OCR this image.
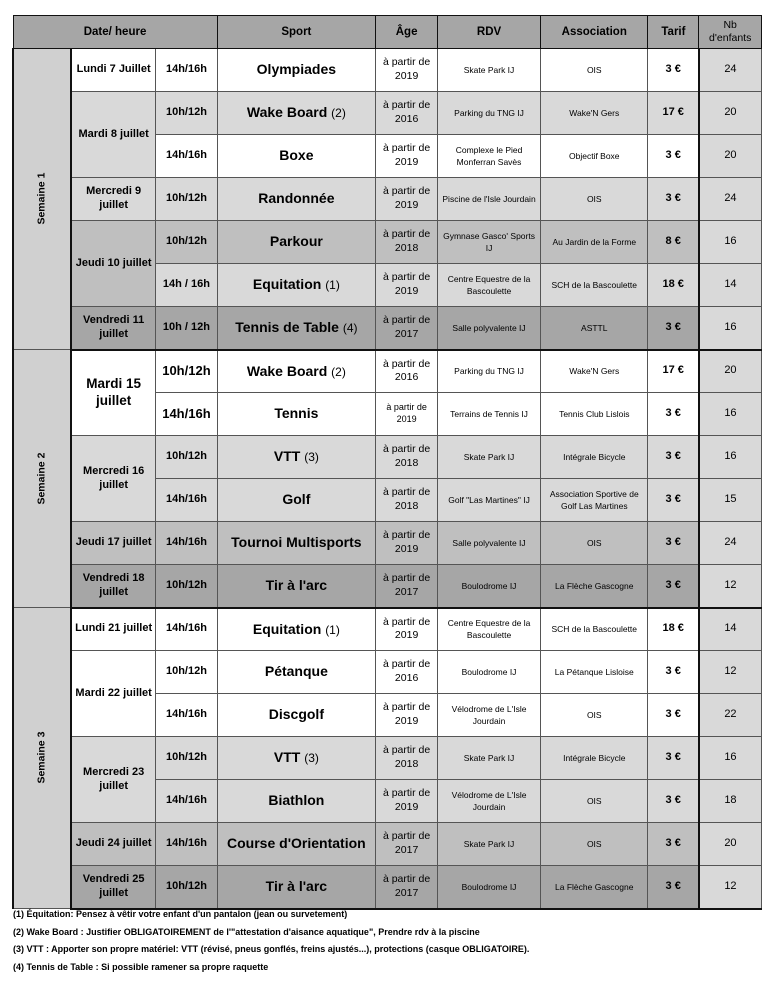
Date/ heure			Sport	Âge	RDV	Association	Tarif	Nb d'enfants
Semaine 1	Lundi 7 Juillet	14h/16h	Olympiades	à partir de 2019	Skate Park IJ	OIS	3 €	24
	Mardi 8 juillet	10h/12h	Wake Board (2)	à partir de 2016	Parking du TNG IJ	Wake'N Gers	17 €	20
		14h/16h	Boxe	à partir de 2019	Complexe le Pied Monferran Savès	Objectif Boxe	3 €	20
	Mercredi 9 juillet	10h/12h	Randonnée	à partir de 2019	Piscine de l'Isle Jourdain	OIS	3 €	24
	Jeudi 10 juillet	10h/12h	Parkour	à partir de 2018	Gymnase Gasco' Sports IJ	Au Jardin de la Forme	8 €	16
		14h / 16h	Equitation (1)	à partir de 2019	Centre Equestre de la Bascoulette	SCH de la Bascoulette	18 €	14
	Vendredi 11 juillet	10h / 12h	Tennis de Table (4)	à partir de 2017	Salle polyvalente IJ	ASTTL	3 €	16
Semaine 2	Mardi 15 juillet	10h/12h	Wake Board (2)	à partir de 2016	Parking du TNG IJ	Wake'N Gers	17 €	20
		14h/16h	Tennis	à partir de 2019	Terrains de Tennis IJ	Tennis Club Lislois	3 €	16
	Mercredi 16 juillet	10h/12h	VTT (3)	à partir de 2018	Skate Park IJ	Intégrale Bicycle	3 €	16
		14h/16h	Golf	à partir de 2018	Golf "Las Martines" IJ	Association Sportive de Golf Las Martines	3 €	15
	Jeudi 17 juillet	14h/16h	Tournoi Multisports	à partir de 2019	Salle polyvalente IJ	OIS	3 €	24
	Vendredi 18 juillet	10h/12h	Tir à l'arc	à partir de 2017	Boulodrome IJ	La Flèche Gascogne	3 €	12
Semaine 3	Lundi 21 juillet	14h/16h	Equitation (1)	à partir de 2019	Centre Equestre de la Bascoulette	SCH de la Bascoulette	18 €	14
	Mardi 22 juillet	10h/12h	Pétanque	à partir de 2016	Boulodrome IJ	La Pétanque Lisloise	3 €	12
		14h/16h	Discgolf	à partir de 2019	Vélodrome de L'Isle Jourdain	OIS	3 €	22
	Mercredi 23 juillet	10h/12h	VTT (3)	à partir de 2018	Skate Park IJ	Intégrale Bicycle	3 €	16
		14h/16h	Biathlon	à partir de 2019	Vélodrome de L'Isle Jourdain	OIS	3 €	18
	Jeudi 24 juillet	14h/16h	Course d'Orientation	à partir de 2017	Skate Park IJ	OIS	3 €	20
	Vendredi 25 juillet	10h/12h	Tir à l'arc	à partir de 2017	Boulodrome IJ	La Flèche Gascogne	3 €	12
(1) Équitation: Pensez à vêtir votre enfant d'un pantalon (jean ou survetement)
(2) Wake Board : Justifier OBLIGATOIREMENT de l'"attestation d'aisance aquatique", Prendre rdv à la piscine
(3) VTT : Apporter son propre matériel: VTT (révisé, pneus gonflés, freins ajustés...), protections (casque OBLIGATOIRE).
(4) Tennis de Table : Si possible ramener sa propre raquette
